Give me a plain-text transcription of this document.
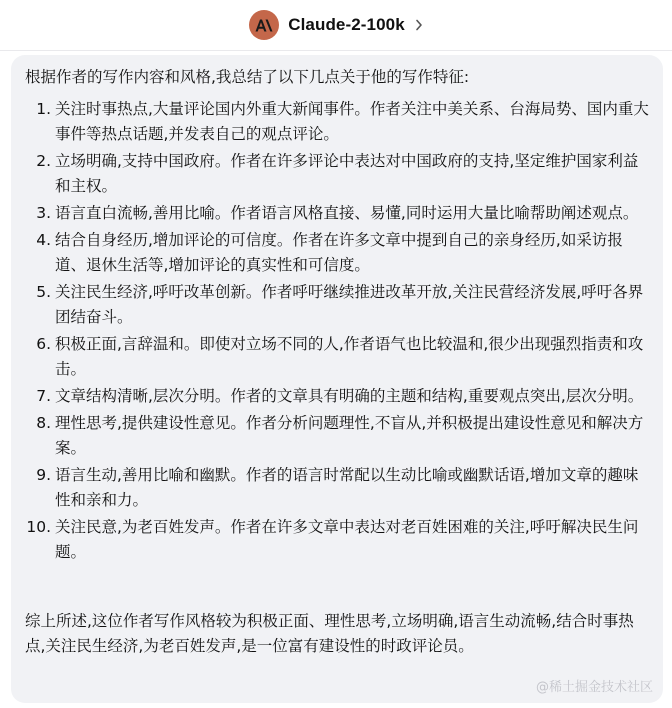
Claude-2-100k

根据作者的写作内容和风格,我总结了以下几点关于他的写作特征:

1. 关注时事热点,大量评论国内外重大新闻事件。作者关注中美关系、台海局势、国内重大事件等热点话题,并发表自己的观点评论。
2. 立场明确,支持中国政府。作者在许多评论中表达对中国政府的支持,坚定维护国家利益和主权。
3. 语言直白流畅,善用比喻。作者语言风格直接、易懂,同时运用大量比喻帮助阐述观点。
4. 结合自身经历,增加评论的可信度。作者在许多文章中提到自己的亲身经历,如采访报道、退休生活等,增加评论的真实性和可信度。
5. 关注民生经济,呼吁改革创新。作者呼吁继续推进改革开放,关注民营经济发展,呼吁各界团结奋斗。
6. 积极正面,言辞温和。即使对立场不同的人,作者语气也比较温和,很少出现强烈指责和攻击。
7. 文章结构清晰,层次分明。作者的文章具有明确的主题和结构,重要观点突出,层次分明。
8. 理性思考,提供建设性意见。作者分析问题理性,不盲从,并积极提出建设性意见和解决方案。
9. 语言生动,善用比喻和幽默。作者的语言时常配以生动比喻或幽默话语,增加文章的趣味性和亲和力。
10. 关注民意,为老百姓发声。作者在许多文章中表达对老百姓困难的关注,呼吁解决民生问题。

综上所述,这位作者写作风格较为积极正面、理性思考,立场明确,语言生动流畅,结合时事热点,关注民生经济,为老百姓发声,是一位富有建设性的时政评论员。

@稀土掘金技术社区
